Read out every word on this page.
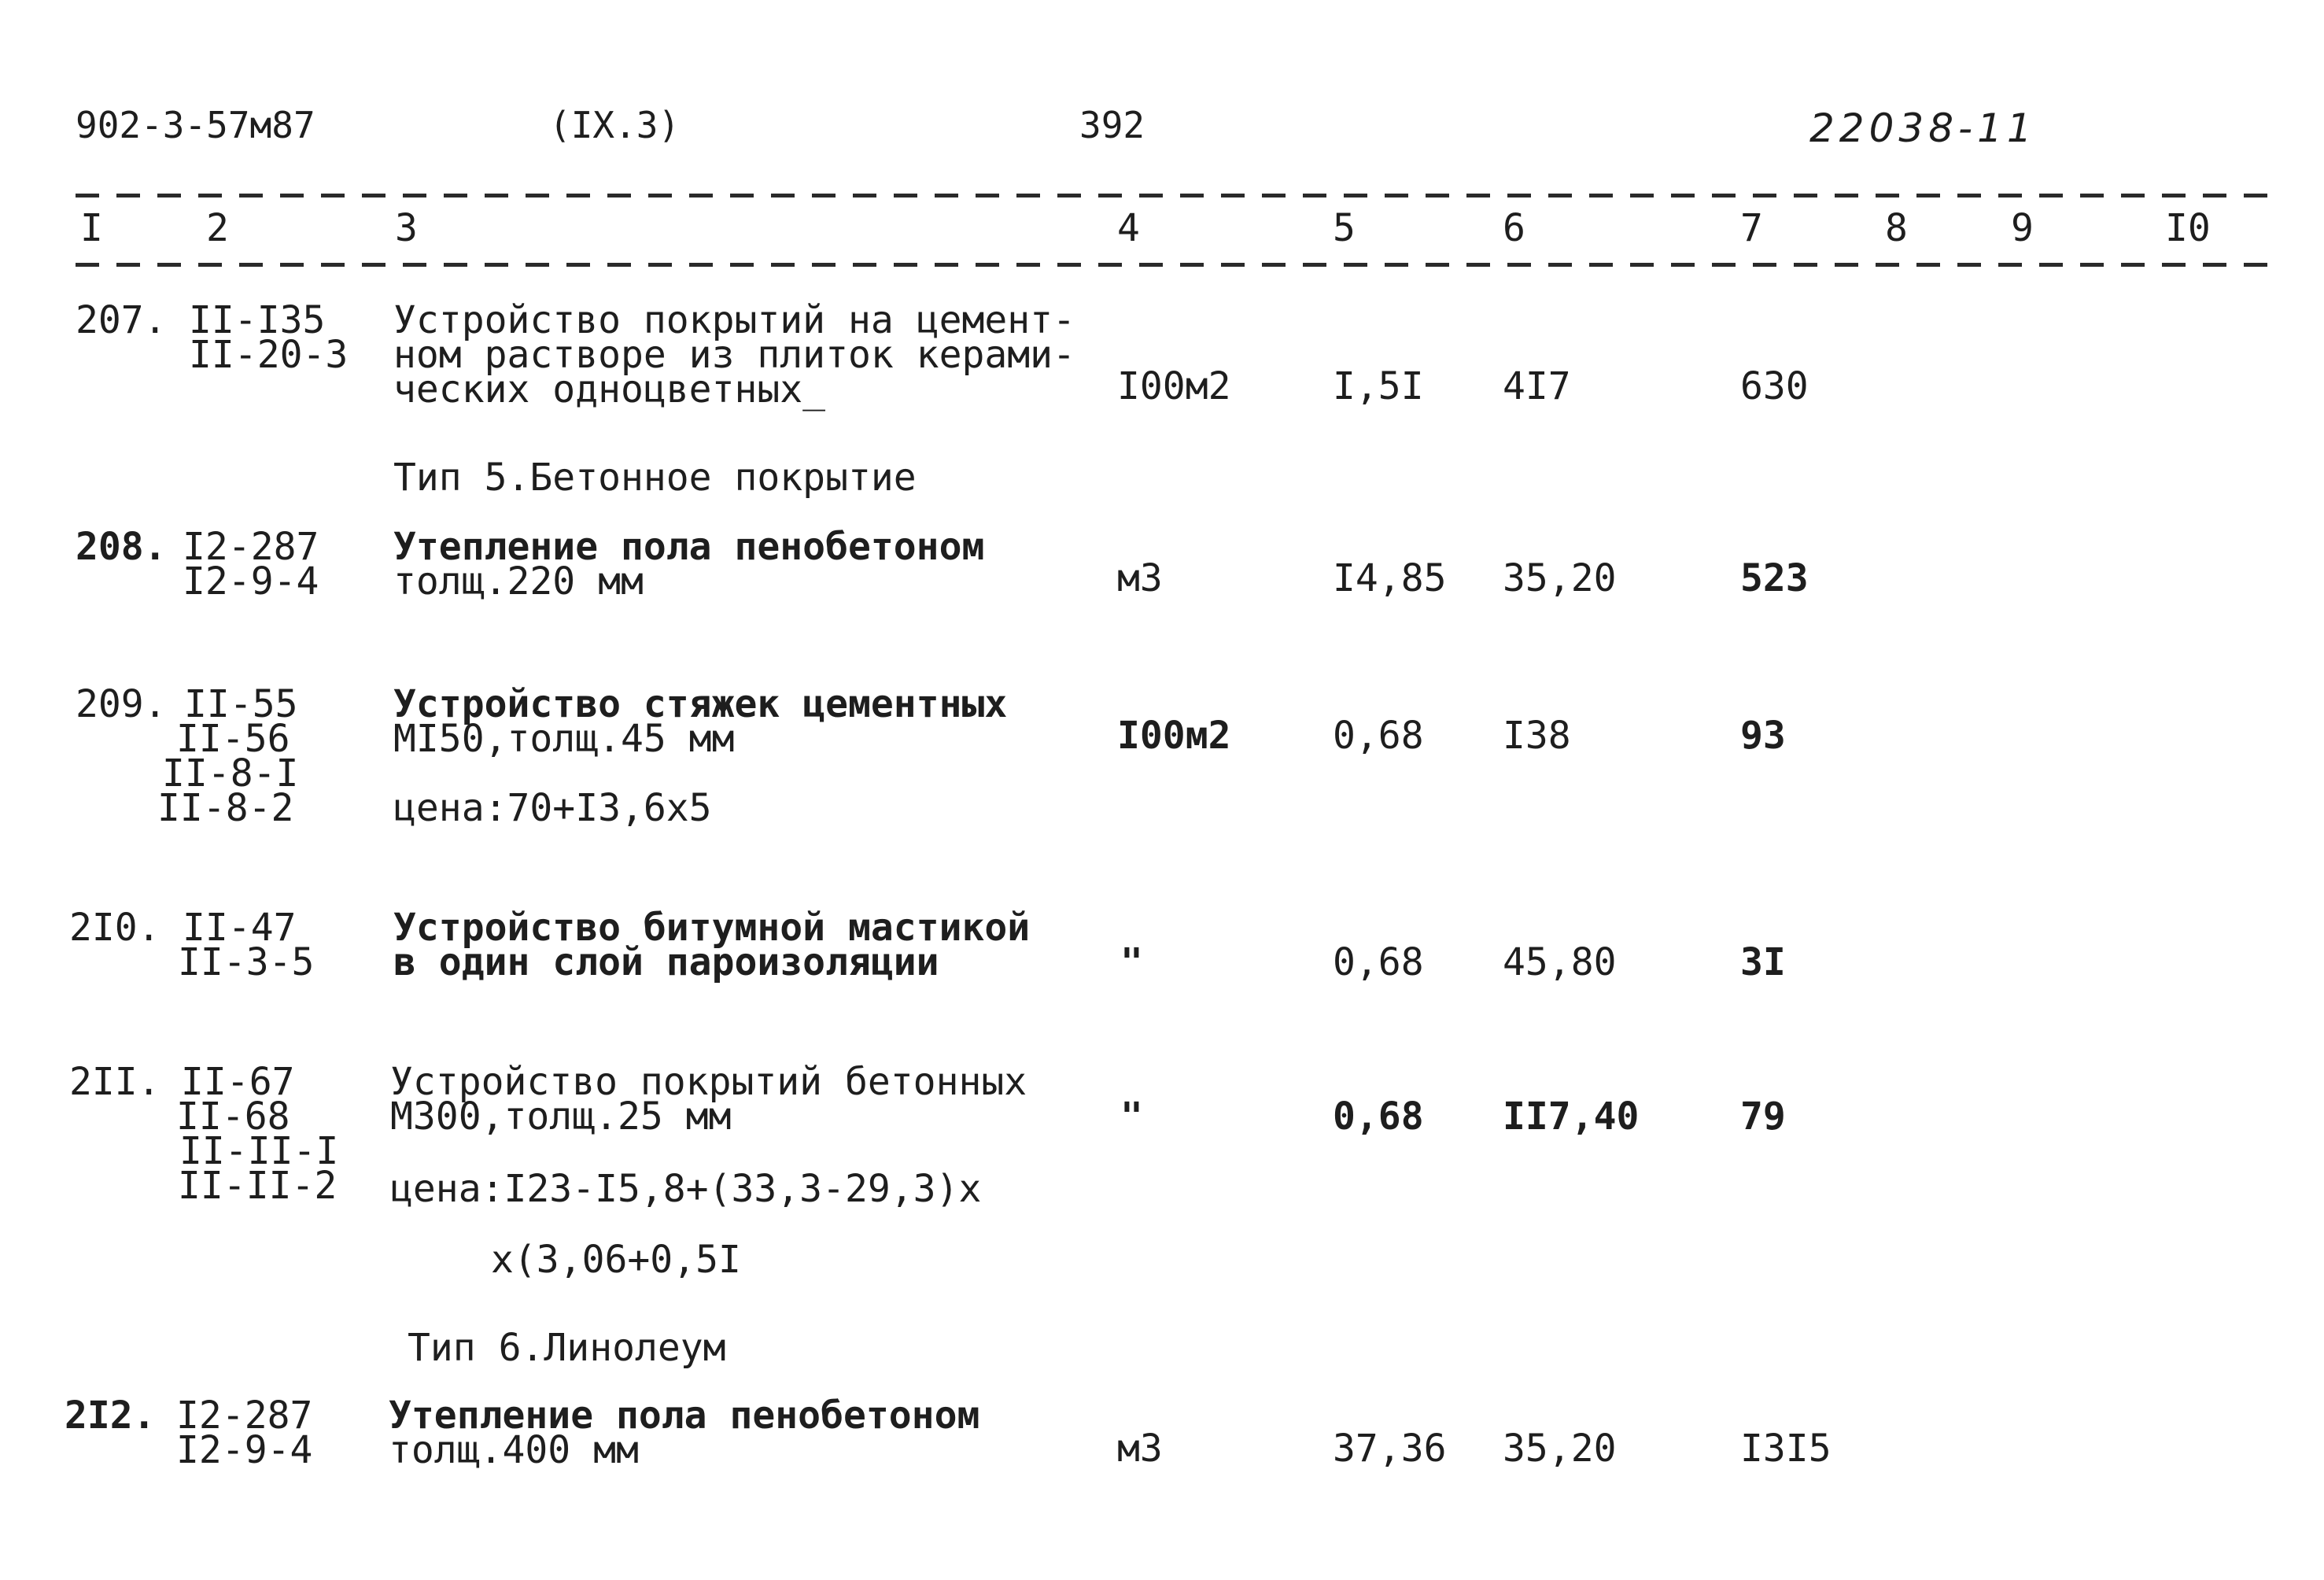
902-3-57м87	(IX.3)	392	22038-11
I	2	3	4	5	6	7	8	9	I0
207. II-I35
II-20-3
Устройство покрытий на цемент-
ном растворе из плиток керами-
ческих одноцветных_	I00м2	I,5I 4I7	630
Тип 5.Бетонное покрытие
208. I2-287
I2-9-4
Утепление пола пенобетоном
толщ.220 мм	м3	I4,85 35,20	523
209. II-55
II-56
II-8-I
II-8-2
Устройство стяжек цементных
МI50,толщ.45 мм
цена:70+I3,6х5
I00м2	0,68 I38	93
2I0. II-47
II-3-5
Устройство битумной мастикой
в один слой пароизоляции	"	0,68 45,80	3I
2II. II-67
II-68
II-II-I
II-II-2
Устройство покрытий бетонных
М300,толщ.25 мм
цена:I23-I5,8+(33,3-29,3)х
х(3,06+0,5I
"	0,68 II7,40	79
Тип 6.Линолеум
2I2. I2-287
I2-9-4
Утепление пола пенобетоном
толщ.400 мм	м3	37,36 35,20	I3I5
